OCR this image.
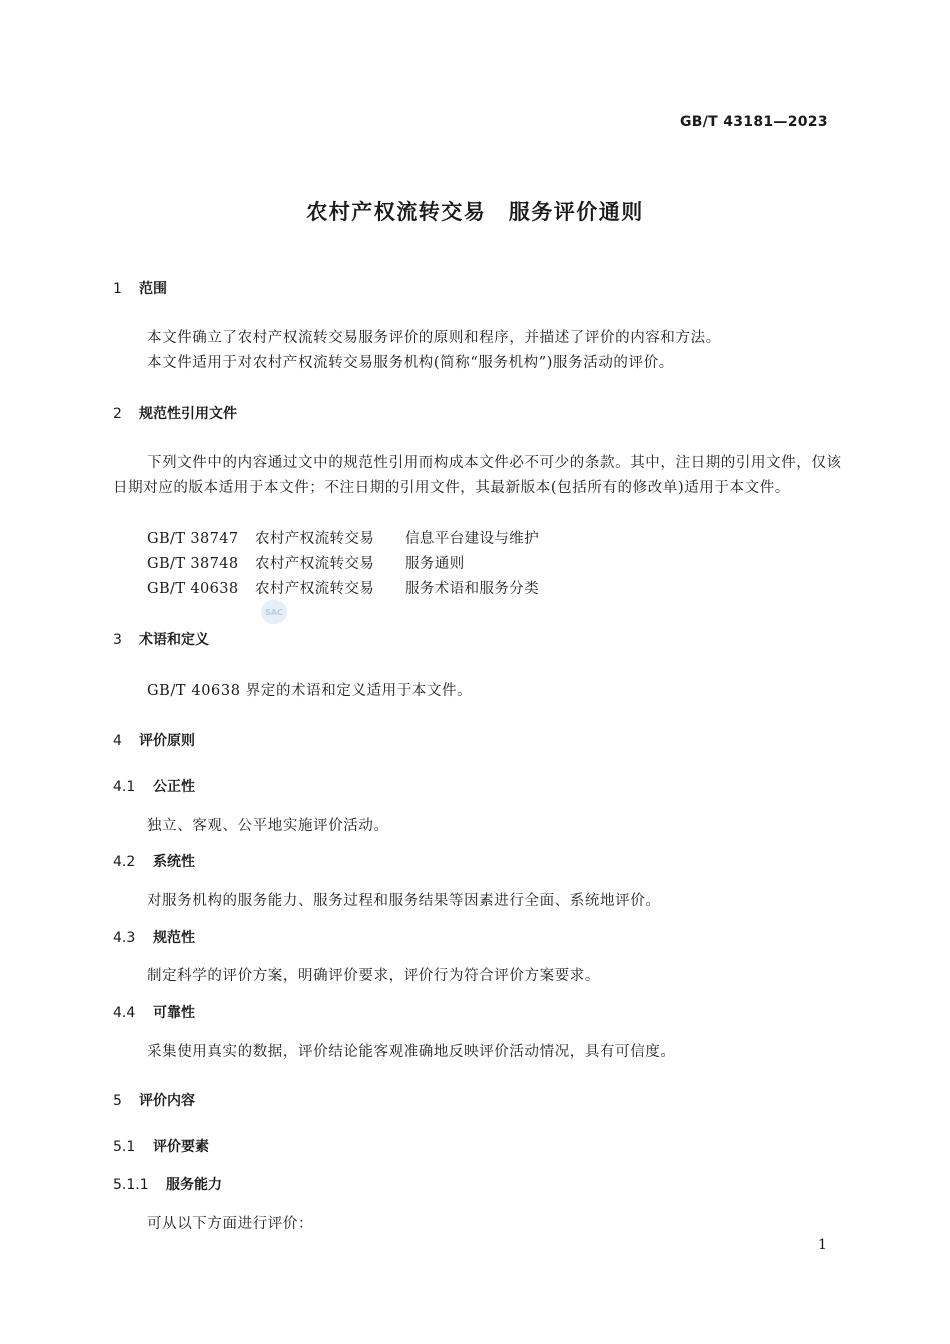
GB/T 43181—2023
农村产权流转交易　服务评价通则
1 范围
本文件确立了农村产权流转交易服务评价的原则和程序，并描述了评价的内容和方法。
本文件适用于对农村产权流转交易服务机构(简称“服务机构”)服务活动的评价。
2 规范性引用文件
下列文件中的内容通过文中的规范性引用而构成本文件必不可少的条款。其中，注日期的引用文件，仅该日期对应的版本适用于本文件；不注日期的引用文件，其最新版本(包括所有的修改单)适用于本文件。
GB/T 38747 农村产权流转交易 信息平台建设与维护
GB/T 38748 农村产权流转交易 服务通则
GB/T 40638 农村产权流转交易 服务术语和服务分类
SAC
3 术语和定义
GB/T 40638 界定的术语和定义适用于本文件。
4 评价原则
4.1 公正性
独立、客观、公平地实施评价活动。
4.2 系统性
对服务机构的服务能力、服务过程和服务结果等因素进行全面、系统地评价。
4.3 规范性
制定科学的评价方案，明确评价要求，评价行为符合评价方案要求。
4.4 可靠性
采集使用真实的数据，评价结论能客观准确地反映评价活动情况，具有可信度。
5 评价内容
5.1 评价要素
5.1.1 服务能力
可从以下方面进行评价：
1
